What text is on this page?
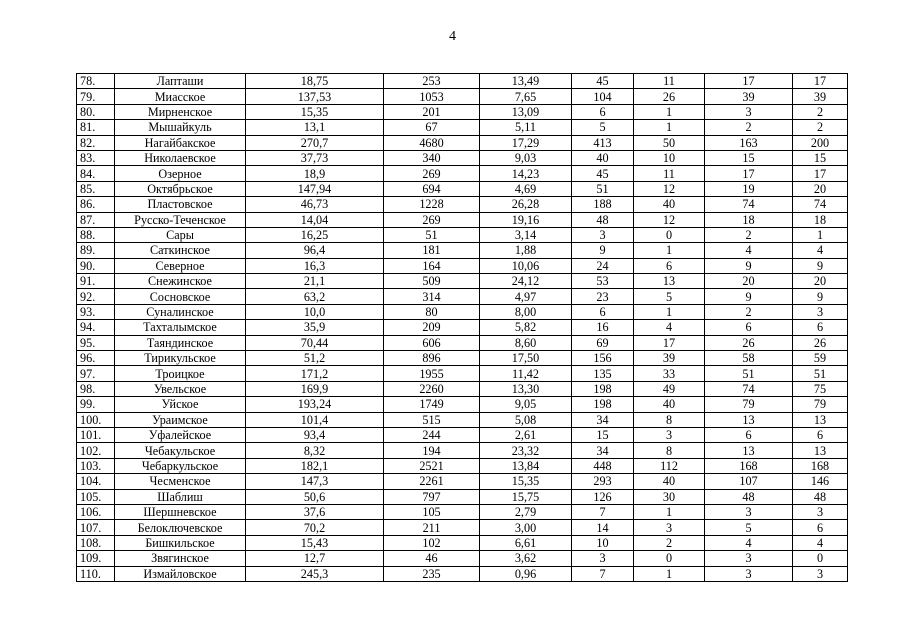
4
78.	Лапташи	18,75	253	13,49	45	11	17	17
79.	Миасское	137,53	1053	7,65	104	26	39	39
80.	Мирненское	15,35	201	13,09	6	1	3	2
81.	Мышайкуль	13,1	67	5,11	5	1	2	2
82.	Нагайбакское	270,7	4680	17,29	413	50	163	200
83.	Николаевское	37,73	340	9,03	40	10	15	15
84.	Озерное	18,9	269	14,23	45	11	17	17
85.	Октябрьское	147,94	694	4,69	51	12	19	20
86.	Пластовское	46,73	1228	26,28	188	40	74	74
87.	Русско-Теченское	14,04	269	19,16	48	12	18	18
88.	Сары	16,25	51	3,14	3	0	2	1
89.	Саткинское	96,4	181	1,88	9	1	4	4
90.	Северное	16,3	164	10,06	24	6	9	9
91.	Снежинское	21,1	509	24,12	53	13	20	20
92.	Сосновское	63,2	314	4,97	23	5	9	9
93.	Суналинское	10,0	80	8,00	6	1	2	3
94.	Тахталымское	35,9	209	5,82	16	4	6	6
95.	Таяндинское	70,44	606	8,60	69	17	26	26
96.	Тирикульское	51,2	896	17,50	156	39	58	59
97.	Троицкое	171,2	1955	11,42	135	33	51	51
98.	Увельское	169,9	2260	13,30	198	49	74	75
99.	Уйское	193,24	1749	9,05	198	40	79	79
100.	Ураимское	101,4	515	5,08	34	8	13	13
101.	Уфалейское	93,4	244	2,61	15	3	6	6
102.	Чебакульское	8,32	194	23,32	34	8	13	13
103.	Чебаркульское	182,1	2521	13,84	448	112	168	168
104.	Чесменское	147,3	2261	15,35	293	40	107	146
105.	Шаблиш	50,6	797	15,75	126	30	48	48
106.	Шершневское	37,6	105	2,79	7	1	3	3
107.	Белоключевское	70,2	211	3,00	14	3	5	6
108.	Бишкильское	15,43	102	6,61	10	2	4	4
109.	Звягинское	12,7	46	3,62	3	0	3	0
110.	Измайловское	245,3	235	0,96	7	1	3	3
